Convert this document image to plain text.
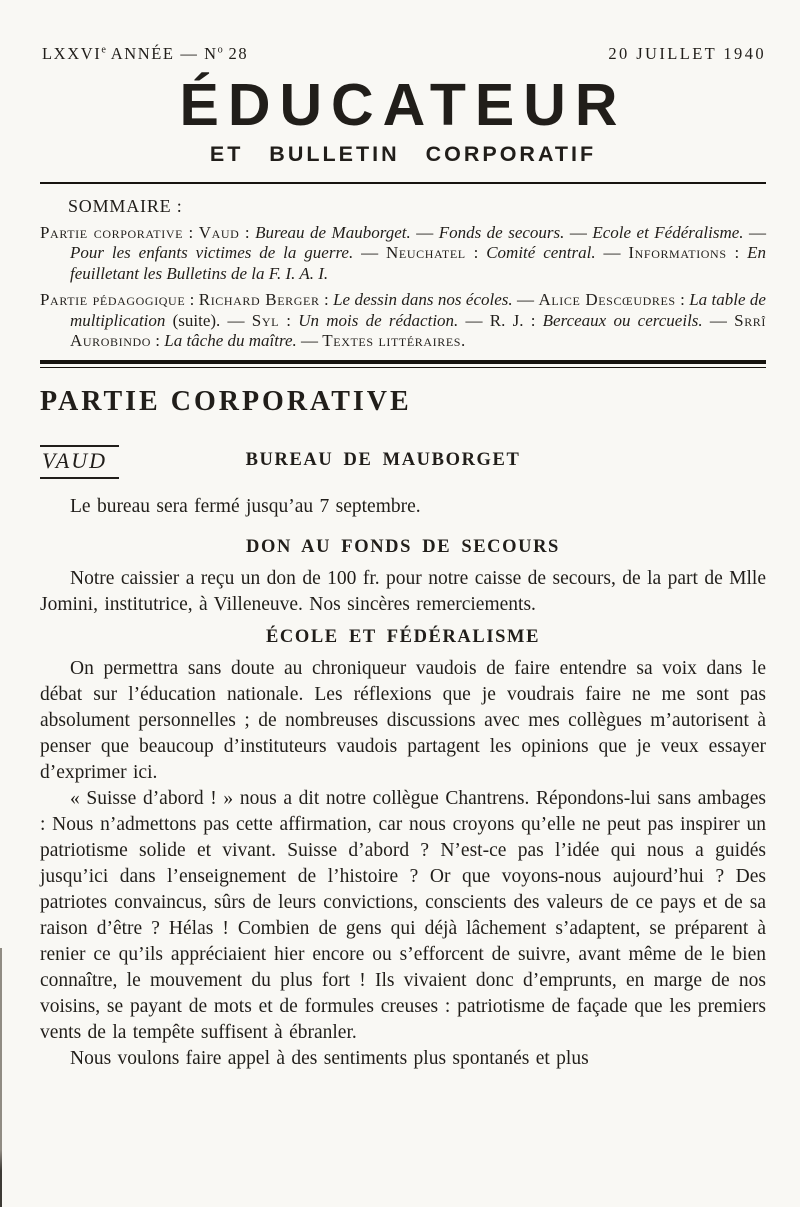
LXXVIe ANNÉE — $N^o$ 28	20 JUILLET 1940
ÉDUCATEUR
ET BULLETIN CORPORATIF
SOMMAIRE :

Partie corporative : Vaud : Bureau de Mauborget. — Fonds de secours. — Ecole et Fédéralisme. — Pour les enfants victimes de la guerre. — Neuchatel : Comité central. — Informations : En feuilletant les Bulletins de la F. I. A. I.

Partie pédagogique : Richard Berger : Le dessin dans nos écoles. — Alice Descœudres : La table de multiplication (suite). — Syl : Un mois de rédaction. — R. J. : Berceaux ou cercueils. — Srrî Aurobindo : La tâche du maître. — Textes littéraires.

PARTIE CORPORATIVE
VAUD	BUREAU DE MAUBORGET

Le bureau sera fermé jusqu’au 7 septembre.

DON AU FONDS DE SECOURS

Notre caissier a reçu un don de 100 fr. pour notre caisse de secours, de la part de Mlle Jomini, institutrice, à Villeneuve. Nos sincères remerciements.

ÉCOLE ET FÉDÉRALISME

On permettra sans doute au chroniqueur vaudois de faire entendre sa voix dans le débat sur l’éducation nationale. Les réflexions que je voudrais faire ne me sont pas absolument personnelles ; de nombreuses discussions avec mes collègues m’autorisent à penser que beaucoup d’instituteurs vaudois partagent les opinions que je veux essayer d’exprimer ici.

« Suisse d’abord ! » nous a dit notre collègue Chantrens. Répondons-lui sans ambages : Nous n’admettons pas cette affirmation, car nous croyons qu’elle ne peut pas inspirer un patriotisme solide et vivant. Suisse d’abord ? N’est-ce pas l’idée qui nous a guidés jusqu’ici dans l’enseignement de l’histoire ? Or que voyons-nous aujourd’hui ? Des patriotes convaincus, sûrs de leurs convictions, conscients des valeurs de ce pays et de sa raison d’être ? Hélas ! Combien de gens qui déjà lâchement s’adaptent, se préparent à renier ce qu’ils appréciaient hier encore ou s’efforcent de suivre, avant même de le bien connaître, le mouvement du plus fort ! Ils vivaient donc d’emprunts, en marge de nos voisins, se payant de mots et de formules creuses : patriotisme de façade que les premiers vents de la tempête suffisent à ébranler.

Nous voulons faire appel à des sentiments plus spontanés et plus
